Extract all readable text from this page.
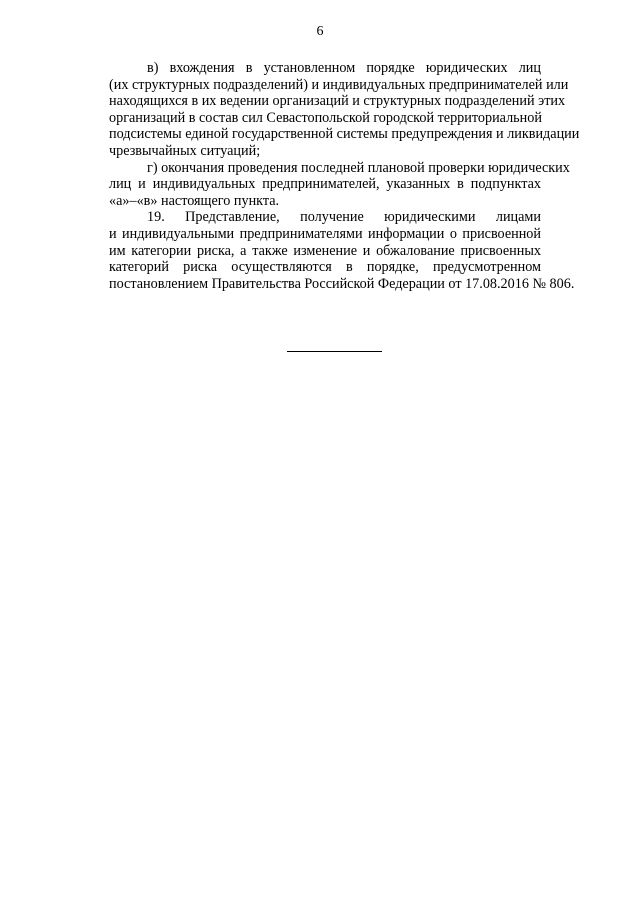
6
в) вхождения в установленном порядке юридических лиц
(их структурных подразделений) и индивидуальных предпринимателей или
находящихся в их ведении организаций и структурных подразделений этих
организаций в состав сил Севастопольской городской территориальной
подсистемы единой государственной системы предупреждения и ликвидации
чрезвычайных ситуаций;
г) окончания проведения последней плановой проверки юридических
лиц и индивидуальных предпринимателей, указанных в подпунктах
«а»–«в» настоящего пункта.
19. Представление, получение юридическими лицами
и индивидуальными предпринимателями информации о присвоенной
им категории риска, а также изменение и обжалование присвоенных
категорий риска осуществляются в порядке, предусмотренном
постановлением Правительства Российской Федерации от 17.08.2016 № 806.
